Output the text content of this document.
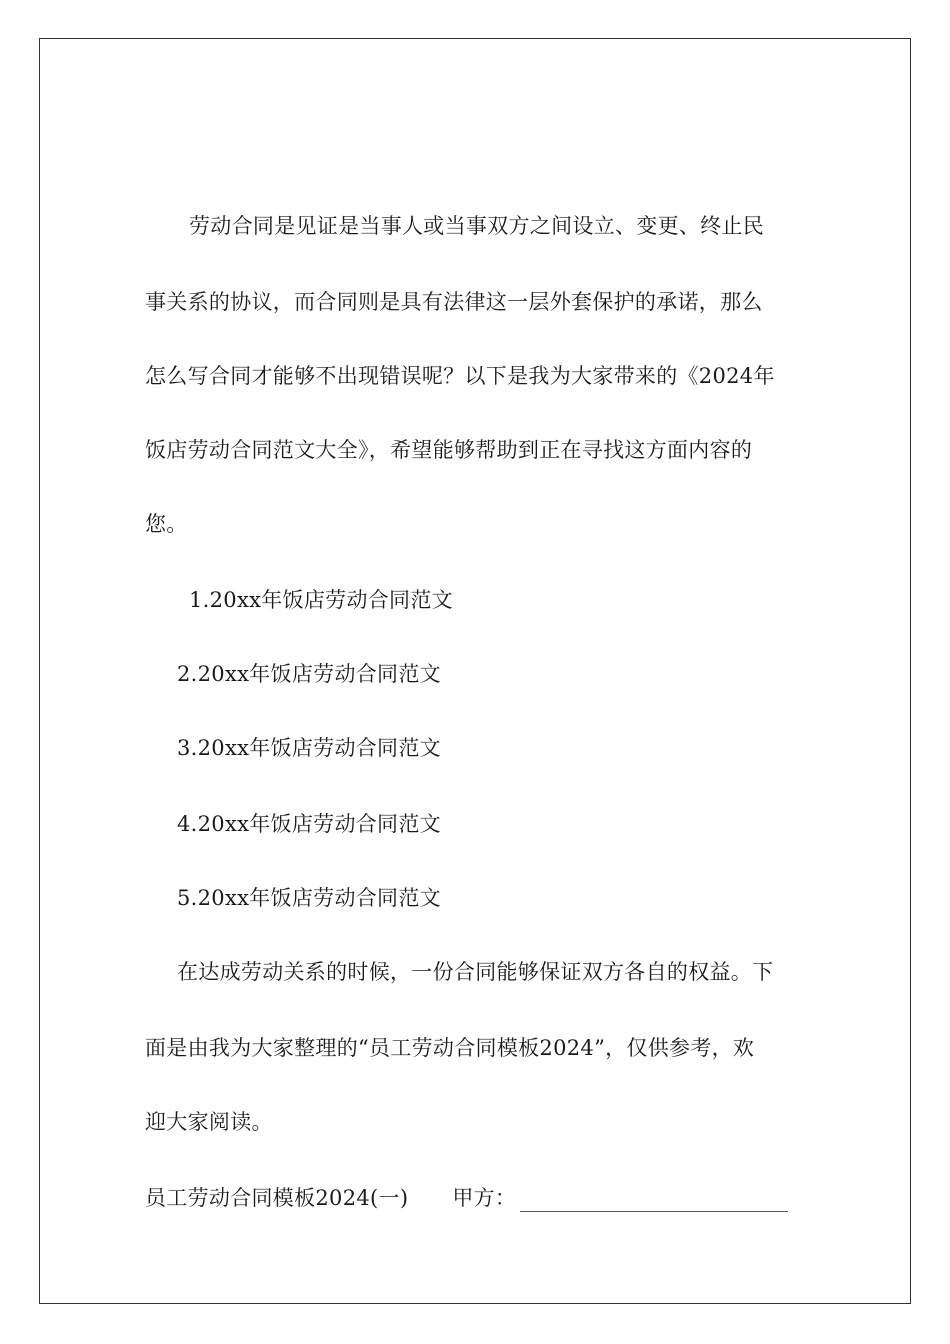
劳动合同是见证是当事人或当事双方之间设立、变更、终止民
事关系的协议，而合同则是具有法律这一层外套保护的承诺，那么
怎么写合同才能够不出现错误呢？以下是我为大家带来的《2024年
饭店劳动合同范文大全》，希望能够帮助到正在寻找这方面内容的
您。
1.20xx年饭店劳动合同范文
2.20xx年饭店劳动合同范文
3.20xx年饭店劳动合同范文
4.20xx年饭店劳动合同范文
5.20xx年饭店劳动合同范文
在达成劳动关系的时候，一份合同能够保证双方各自的权益。下
面是由我为大家整理的“员工劳动合同模板2024”，仅供参考，欢
迎大家阅读。
员工劳动合同模板2024(一) 甲方：
